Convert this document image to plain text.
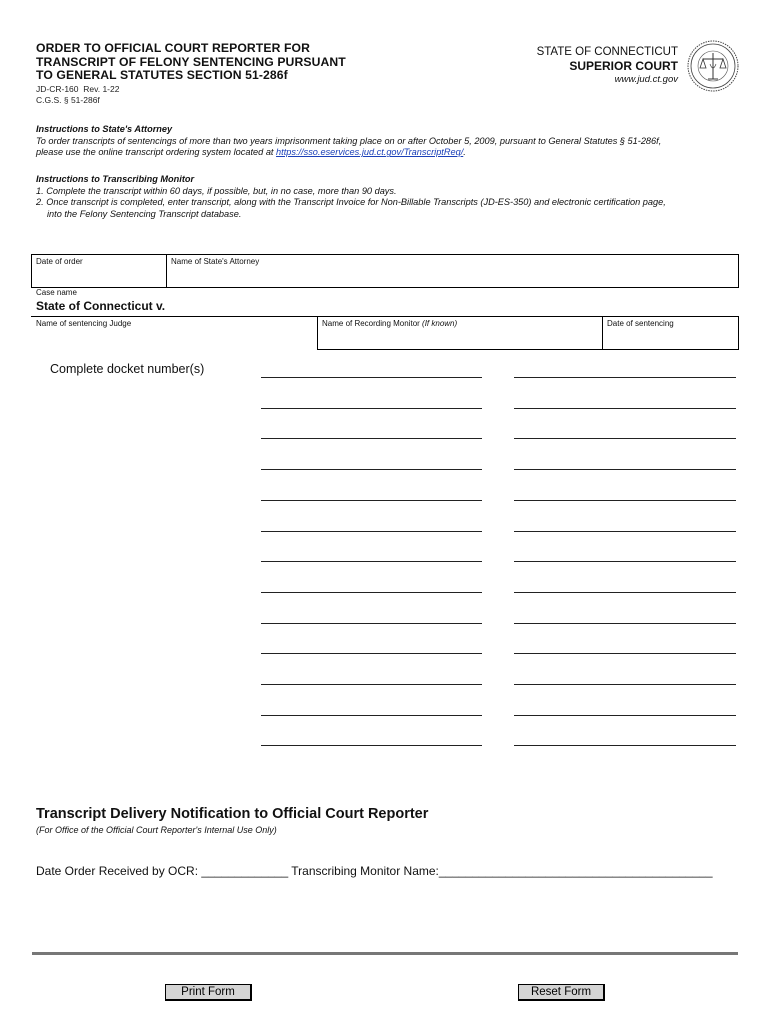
ORDER TO OFFICIAL COURT REPORTER FOR
TRANSCRIPT OF FELONY SENTENCING PURSUANT
TO GENERAL STATUTES SECTION 51-286f
JD-CR-160 Rev. 1-22
C.G.S. § 51-286f
STATE OF CONNECTICUT
SUPERIOR COURT
www.jud.ct.gov
Instructions to State's Attorney
To order transcripts of sentencings of more than two years imprisonment taking place on or after October 5, 2009, pursuant to General Statutes § 51-286f,
please use the online transcript ordering system located at https://sso.eservices.jud.ct.gov/TranscriptReq/.
Instructions to Transcribing Monitor
1. Complete the transcript within 60 days, if possible, but, in no case, more than 90 days.
2. Once transcript is completed, enter transcript, along with the Transcript Invoice for Non-Billable Transcripts (JD-ES-350) and electronic certification page,
into the Felony Sentencing Transcript database.
Date of order	Name of State's Attorney
Case name
State of Connecticut v.
Name of sentencing Judge	Name of Recording Monitor (If known)	Date of sentencing
Complete docket number(s)
Transcript Delivery Notification to Official Court Reporter
(For Office of the Official Court Reporter's Internal Use Only)
Date Order Received by OCR: _____________ Transcribing Monitor Name:_________________________________________
Print Form	Reset Form
